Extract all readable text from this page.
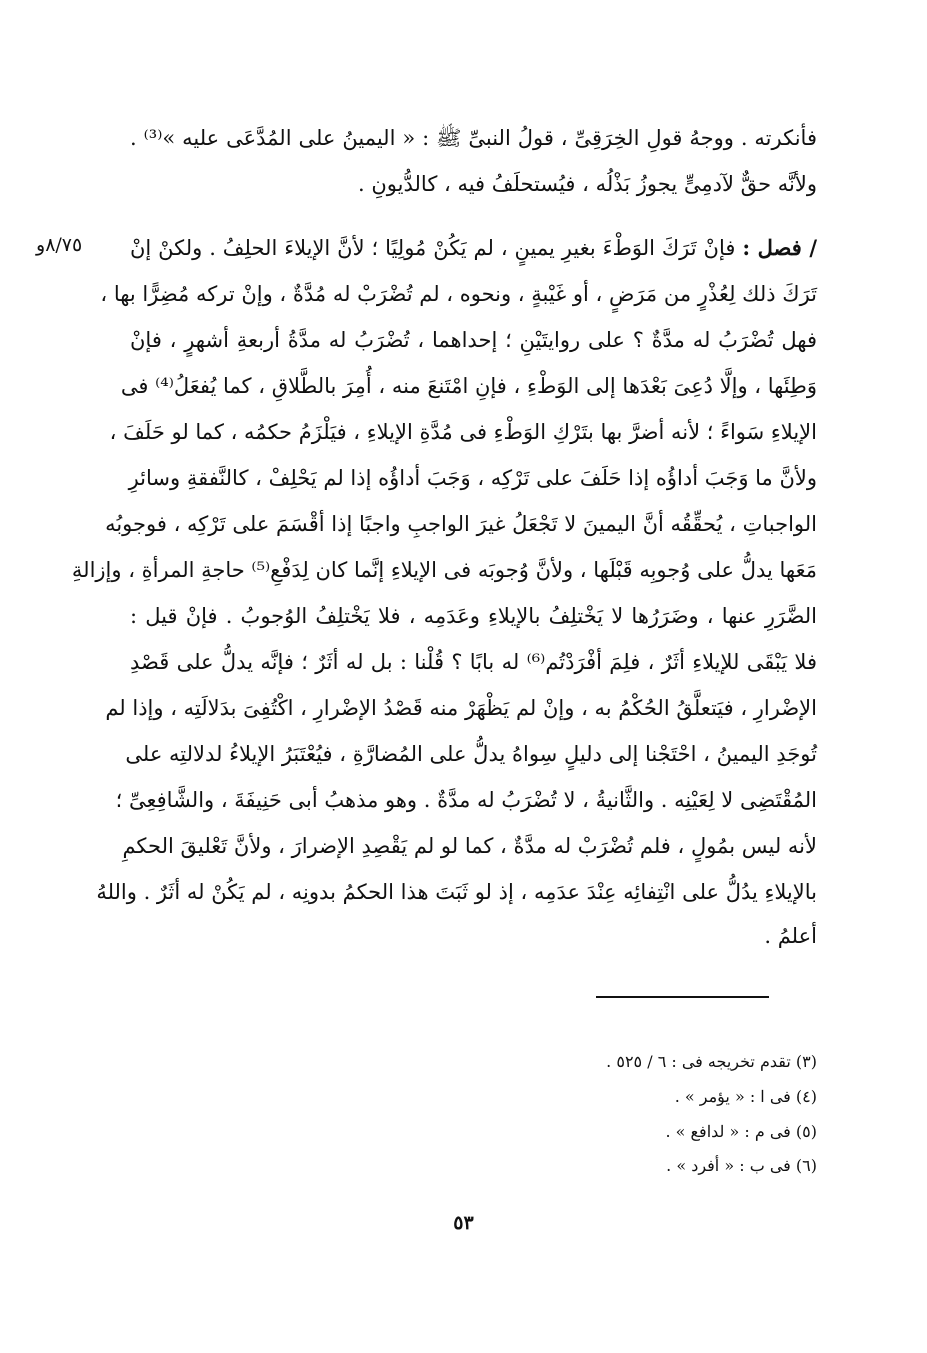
فأنكرته . ووجهُ قولِ الخِرَقِىِّ ، قولُ النبىِّ ﷺ : « اليمينُ على المُدَّعَى عليه »⁽³⁾ .
ولأنَّه حقٌّ لآدمِىٍّ يجوزُ بَذْلُه ، فيُستحلَفُ فيه ، كالدُّيونِ .
٨/٧٥و	/ فصل : فإنْ تَرَكَ الوَطْءَ بغيرِ يمينٍ ، لم يَكُنْ مُولِيًا ؛ لأنَّ الإيلاءَ الحلِفُ . ولكنْ إنْ
تَرَكَ ذلك لِعُذْرٍ من مَرَضٍ ، أو غَيْبةٍ ، ونحوه ، لم تُضْرَبْ له مُدَّةٌ ، وإنْ تركه مُضِرًّا بها ،
فهل تُضْرَبُ له مدَّةٌ ؟ على روايتَيْنِ ؛ إحداهما ، تُضْرَبُ له مدَّةُ أربعةِ أشهرٍ ، فإنْ
وَطِئَها ، وإلَّا دُعِىَ بَعْدَها إلى الوَطْءِ ، فإنِ امْتَنعَ منه ، أُمِرَ بالطَّلاقِ ، كما يُفعَلُ⁽⁴⁾ فى
الإيلاءِ سَواءً ؛ لأنه أضرَّ بها بتَرْكِ الوَطْءِ فى مُدَّةِ الإيلاءِ ، فيَلْزَمُ حكمُه ، كما لو حَلَفَ ،
ولأنَّ ما وَجَبَ أداؤُه إذا حَلَفَ على تَرْكِه ، وَجَبَ أداؤُه إذا لم يَحْلِفْ ، كالنَّفقةِ وسائرِ
الواجباتِ ، يُحقِّقُه أنَّ اليمينَ لا تَجْعَلُ غيرَ الواجبِ واجبًا إذا أقْسَمَ على تَرْكِه ، فوجوبُه
مَعَها يدلُّ على وُجوبِه قَبْلَها ، ولأنَّ وُجوبَه فى الإيلاءِ إنَّما كان لِدَفْعِ⁽⁵⁾ حاجةِ المرأةِ ، وإزالةِ
الضَّرَرِ عنها ، وضَرَرُها لا يَخْتلِفُ بالإيلاءِ وعَدَمِه ، فلا يَخْتلِفُ الوُجوبُ . فإنْ قيل :
فلا يَبْقَى للإيلاءِ أثَرٌ ، فلِمَ أفْرَدْتُم⁽⁶⁾ له بابًا ؟ قُلْنا : بل له أثَرٌ ؛ فإنَّه يدلُّ على قَصْدِ
الإضْرارِ ، فيَتعلَّقُ الحُكْمُ به ، وإنْ لم يَظْهَرْ منه قَصْدُ الإضْرارِ ، اكْتُفِىَ بدَلالَتِه ، وإذا لم
تُوجَدِ اليمينُ ، احْتَجْنا إلى دليلٍ سِواهُ يدلُّ على المُضارَّةِ ، فيُعْتَبَرُ الإيلاءُ لدلالتِه على
المُقْتَضِى لا لِعَيْنِه . والثَّانيةُ ، لا تُضْرَبُ له مدَّةٌ . وهو مذهبُ أبى حَنِيفَةَ ، والشَّافِعِىِّ ؛
لأنه ليس بمُولٍ ، فلم تُضْرَبْ له مدَّةٌ ، كما لو لم يَقْصِدِ الإضرارَ ، ولأنَّ تَعْليقَ الحكمِ
بالإيلاءِ يدُلُّ على انْتِفائِه عِنْدَ عدَمِه ، إذ لو ثَبَتَ هذا الحكمُ بدونِه ، لم يَكُنْ له أثَرٌ . واللهُ
أعلمُ .
(٣) تقدم تخريجه فى : ٦ / ٥٢٥ .
(٤) فى ا : « يؤمر » .
(٥) فى م : « لدافع » .
(٦) فى ب : « أفرد » .
٥٣
